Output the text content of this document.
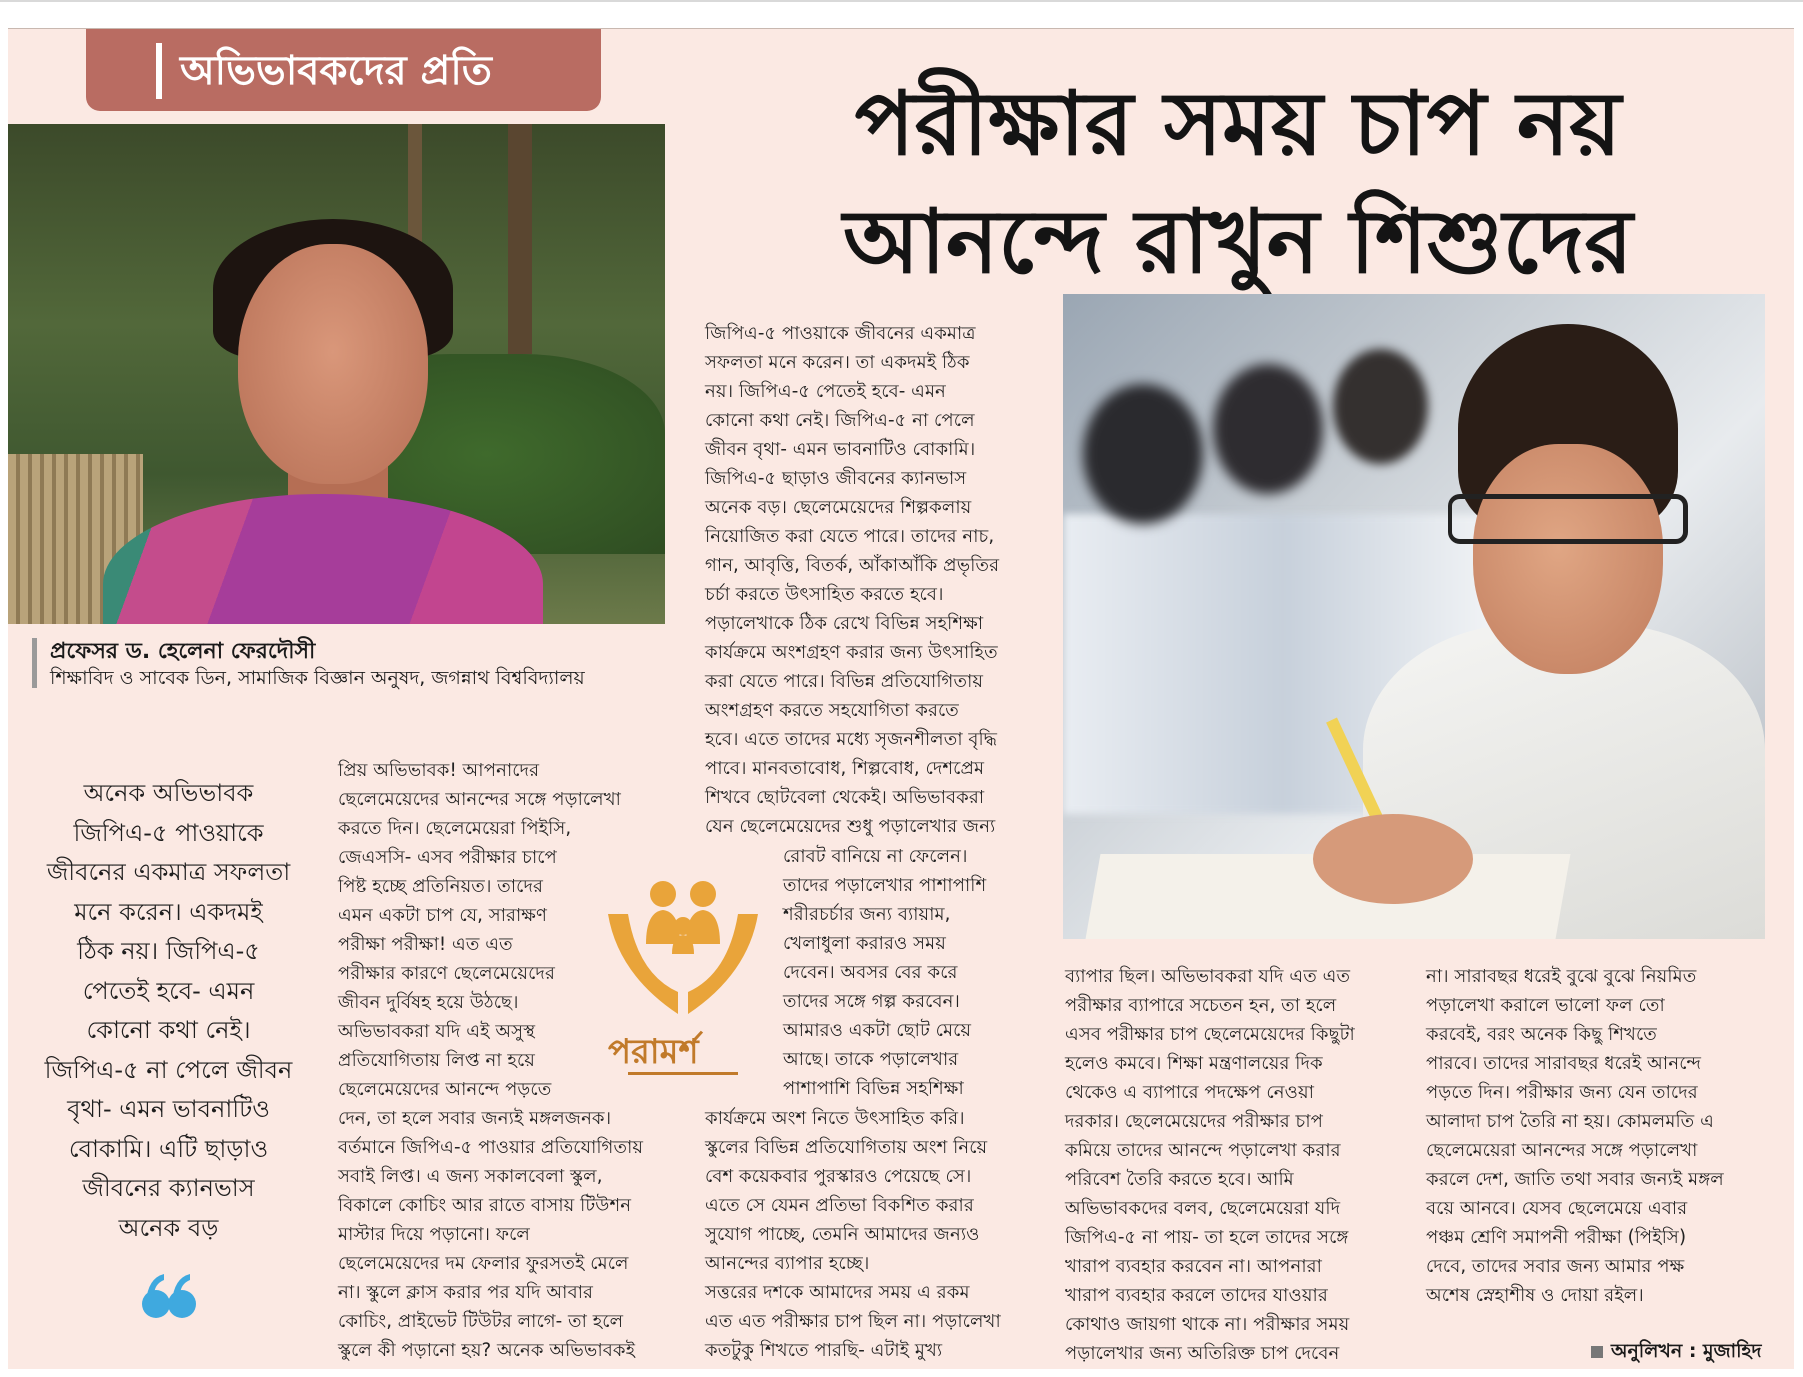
অভিভাবকদের প্রতি	পরীক্ষার সময় চাপ নয়
আনন্দে রাখুন শিশুদের
প্রফেসর ড. হেলেনা ফেরদৌসী
শিক্ষাবিদ ও সাবেক ডিন, সামাজিক বিজ্ঞান অনুষদ, জগন্নাথ বিশ্ববিদ্যালয়
অনেক অভিভাবক
জিপিএ-৫ পাওয়াকে
জীবনের একমাত্র সফলতা
মনে করেন। একদমই
ঠিক নয়। জিপিএ-৫
পেতেই হবে- এমন
কোনো কথা নেই।
জিপিএ-৫ না পেলে জীবন
বৃথা- এমন ভাবনাটিও
বোকামি। এটি ছাড়াও
জীবনের ক্যানভাস
অনেক বড়

প্রিয় অভিভাবক! আপনাদের

ছেলেমেয়েদের আনন্দের সঙ্গে পড়ালেখা

করতে দিন। ছেলেমেয়েরা পিইসি,

জেএসসি- এসব পরীক্ষার চাপে

পিষ্ট হচ্ছে প্রতিনিয়ত। তাদের

এমন একটা চাপ যে, সারাক্ষণ

পরীক্ষা পরীক্ষা! এত এত

পরীক্ষার কারণে ছেলেমেয়েদের

জীবন দুর্বিষহ হয়ে উঠছে।

অভিভাবকরা যদি এই অসুস্থ

প্রতিযোগিতায় লিপ্ত না হয়ে

ছেলেমেয়েদের আনন্দে পড়তে

দেন, তা হলে সবার জন্যই মঙ্গলজনক।

বর্তমানে জিপিএ-৫ পাওয়ার প্রতিযোগিতায়

সবাই লিপ্ত। এ জন্য সকালবেলা স্কুল,

বিকালে কোচিং আর রাতে বাসায় টিউশন

মাস্টার দিয়ে পড়ানো। ফলে

ছেলেমেয়েদের দম ফেলার ফুরসতই মেলে

না। স্কুলে ক্লাস করার পর যদি আবার

কোচিং, প্রাইভেট টিউটর লাগে- তা হলে

স্কুলে কী পড়ানো হয়? অনেক অভিভাবকই

জিপিএ-৫ পাওয়াকে জীবনের একমাত্র

সফলতা মনে করেন। তা একদমই ঠিক

নয়। জিপিএ-৫ পেতেই হবে- এমন

কোনো কথা নেই। জিপিএ-৫ না পেলে

জীবন বৃথা- এমন ভাবনাটিও বোকামি।

জিপিএ-৫ ছাড়াও জীবনের ক্যানভাস

অনেক বড়। ছেলেমেয়েদের শিল্পকলায়

নিয়োজিত করা যেতে পারে। তাদের নাচ,

গান, আবৃত্তি, বিতর্ক, আঁকাআঁকি প্রভৃতির

চর্চা করতে উৎসাহিত করতে হবে।

পড়ালেখাকে ঠিক রেখে বিভিন্ন সহশিক্ষা

কার্যক্রমে অংশগ্রহণ করার জন্য উৎসাহিত

করা যেতে পারে। বিভিন্ন প্রতিযোগিতায়

অংশগ্রহণ করতে সহযোগিতা করতে

হবে। এতে তাদের মধ্যে সৃজনশীলতা বৃদ্ধি

পাবে। মানবতাবোধ, শিল্পবোধ, দেশপ্রেম

শিখবে ছোটবেলা থেকেই। অভিভাবকরা

যেন ছেলেমেয়েদের শুধু পড়ালেখার জন্য

পরামর্শ

রোবট বানিয়ে না ফেলেন।

তাদের পড়ালেখার পাশাপাশি

শরীরচর্চার জন্য ব্যায়াম,

খেলাধুলা করারও সময়

দেবেন। অবসর বের করে

তাদের সঙ্গে গল্প করবেন।

আমারও একটা ছোট মেয়ে

আছে। তাকে পড়ালেখার

পাশাপাশি বিভিন্ন সহশিক্ষা

কার্যক্রমে অংশ নিতে উৎসাহিত করি।

স্কুলের বিভিন্ন প্রতিযোগিতায় অংশ নিয়ে

বেশ কয়েকবার পুরস্কারও পেয়েছে সে।

এতে সে যেমন প্রতিভা বিকশিত করার

সুযোগ পাচ্ছে, তেমনি আমাদের জন্যও

আনন্দের ব্যাপার হচ্ছে।

সত্তরের দশকে আমাদের সময় এ রকম

এত এত পরীক্ষার চাপ ছিল না। পড়ালেখা

কতটুকু শিখতে পারছি- এটাই মুখ্য

ব্যাপার ছিল। অভিভাবকরা যদি এত এত

পরীক্ষার ব্যাপারে সচেতন হন, তা হলে

এসব পরীক্ষার চাপ ছেলেমেয়েদের কিছুটা

হলেও কমবে। শিক্ষা মন্ত্রণালয়ের দিক

থেকেও এ ব্যাপারে পদক্ষেপ নেওয়া

দরকার। ছেলেমেয়েদের পরীক্ষার চাপ

কমিয়ে তাদের আনন্দে পড়ালেখা করার

পরিবেশ তৈরি করতে হবে। আমি

অভিভাবকদের বলব, ছেলেমেয়েরা যদি

জিপিএ-৫ না পায়- তা হলে তাদের সঙ্গে

খারাপ ব্যবহার করবেন না। আপনারা

খারাপ ব্যবহার করলে তাদের যাওয়ার

কোথাও জায়গা থাকে না। পরীক্ষার সময়

পড়ালেখার জন্য অতিরিক্ত চাপ দেবেন

না। সারাবছর ধরেই বুঝে বুঝে নিয়মিত

পড়ালেখা করালে ভালো ফল তো

করবেই, বরং অনেক কিছু শিখতে

পারবে। তাদের সারাবছর ধরেই আনন্দে

পড়তে দিন। পরীক্ষার জন্য যেন তাদের

আলাদা চাপ তৈরি না হয়। কোমলমতি এ

ছেলেমেয়েরা আনন্দের সঙ্গে পড়ালেখা

করলে দেশ, জাতি তথা সবার জন্যই মঙ্গল

বয়ে আনবে। যেসব ছেলেমেয়ে এবার

পঞ্চম শ্রেণি সমাপনী পরীক্ষা (পিইসি)

দেবে, তাদের সবার জন্য আমার পক্ষ

অশেষ স্নেহাশীষ ও দোয়া রইল।

অনুলিখন : মুজাহিদ
